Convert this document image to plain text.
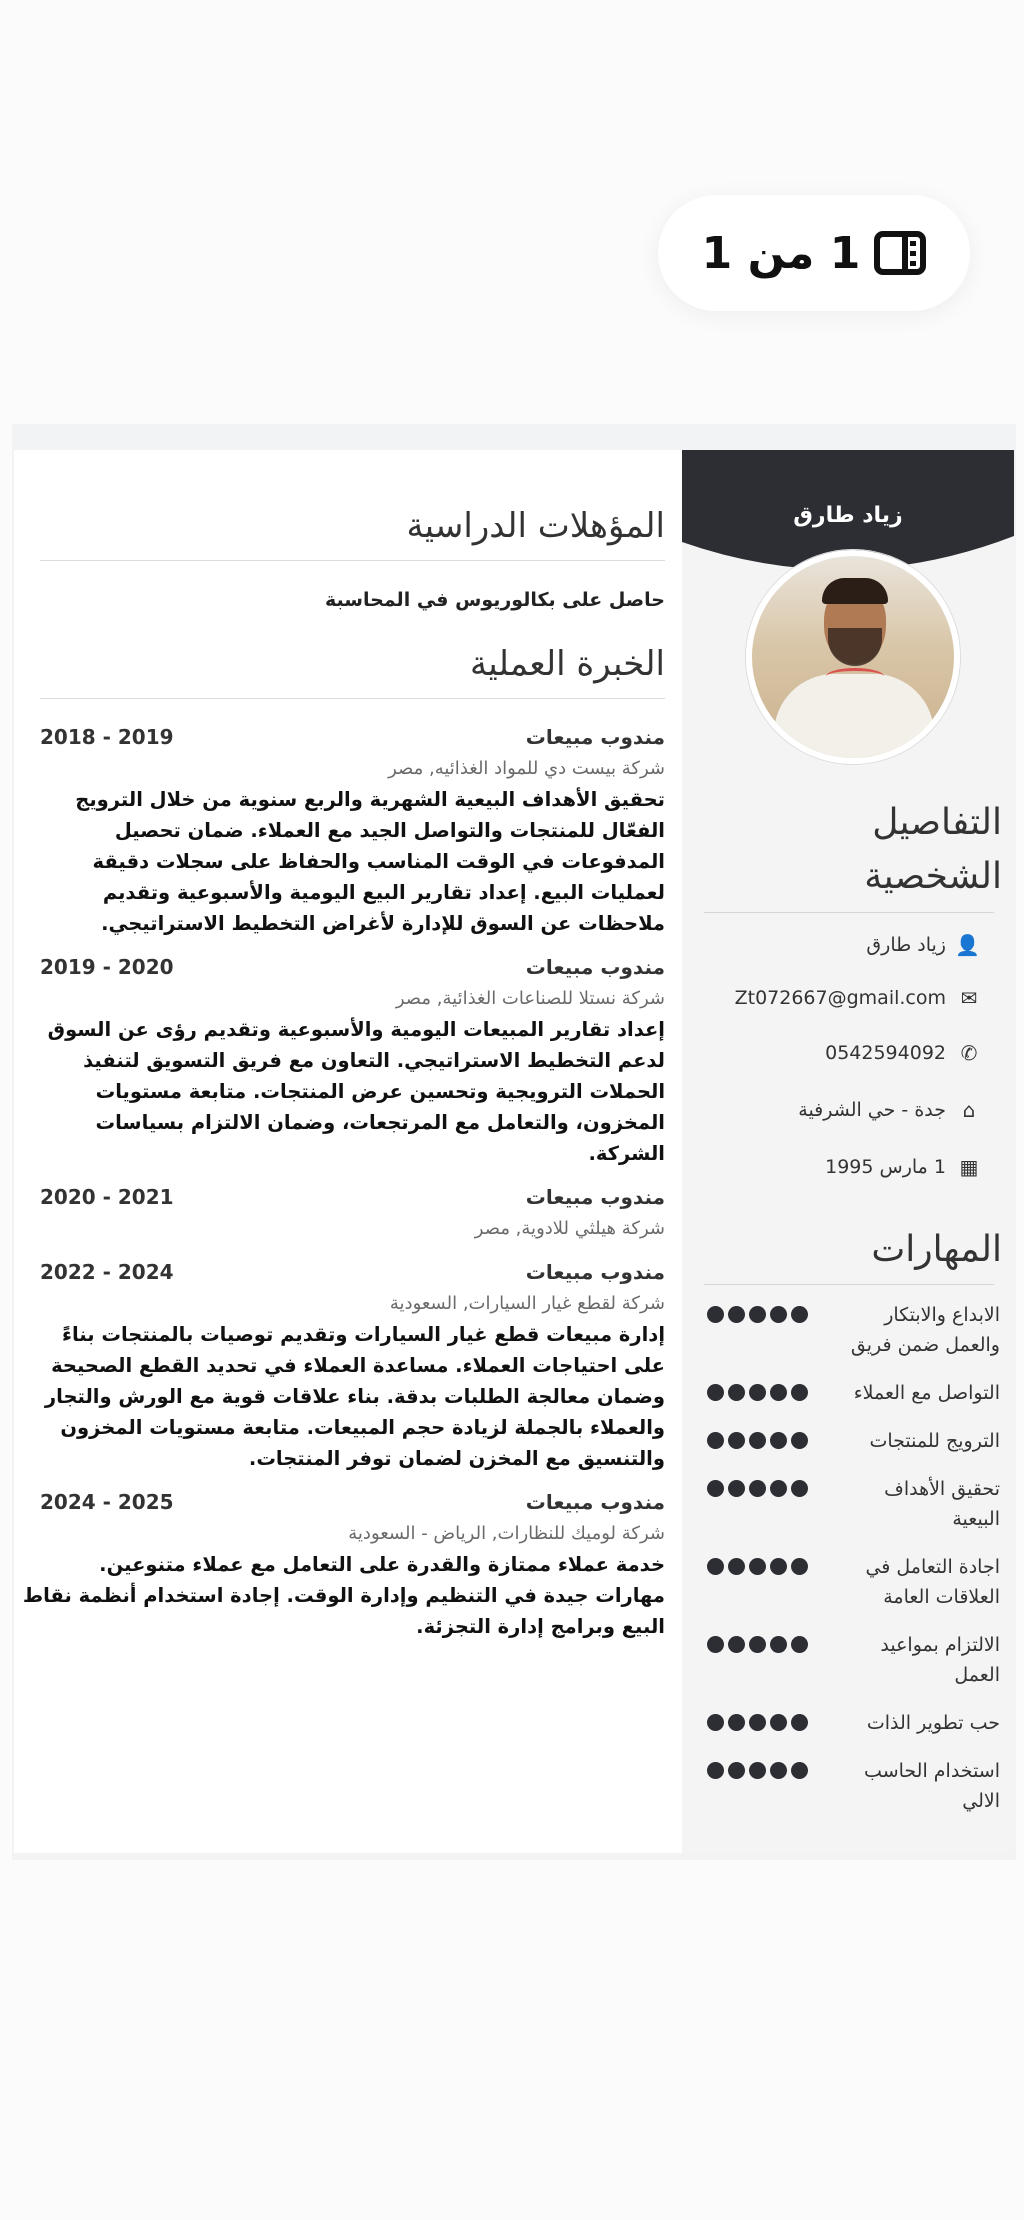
1 من 1
المؤهلات الدراسية
حاصل على بكالوريوس في المحاسبة
الخبرة العملية
مندوب مبيعات
2018 - 2019
شركة بيست دي للمواد الغذائيه, مصر
تحقيق الأهداف البيعية الشهرية والربع سنوية من خلال الترويج
الفعّال للمنتجات والتواصل الجيد مع العملاء. ضمان تحصيل
المدفوعات في الوقت المناسب والحفاظ على سجلات دقيقة
لعمليات البيع. إعداد تقارير البيع اليومية والأسبوعية وتقديم
ملاحظات عن السوق للإدارة لأغراض التخطيط الاستراتيجي.
مندوب مبيعات
2019 - 2020
شركة نستلا للصناعات الغذائية, مصر
إعداد تقارير المبيعات اليومية والأسبوعية وتقديم رؤى عن السوق
لدعم التخطيط الاستراتيجي. التعاون مع فريق التسويق لتنفيذ
الحملات الترويجية وتحسين عرض المنتجات. متابعة مستويات
المخزون، والتعامل مع المرتجعات، وضمان الالتزام بسياسات
الشركة.
مندوب مبيعات
2020 - 2021
شركة هيلثي للادوية, مصر
مندوب مبيعات
2022 - 2024
شركة لقطع غيار السيارات, السعودية
إدارة مبيعات قطع غيار السيارات وتقديم توصيات بالمنتجات بناءً
على احتياجات العملاء. مساعدة العملاء في تحديد القطع الصحيحة
وضمان معالجة الطلبات بدقة. بناء علاقات قوية مع الورش والتجار
والعملاء بالجملة لزيادة حجم المبيعات. متابعة مستويات المخزون
والتنسيق مع المخزن لضمان توفر المنتجات.
مندوب مبيعات
2024 - 2025
شركة لوميك للنظارات, الرياض - السعودية
خدمة عملاء ممتازة والقدرة على التعامل مع عملاء متنوعين.
مهارات جيدة في التنظيم وإدارة الوقت. إجادة استخدام أنظمة نقاط
البيع وبرامج إدارة التجزئة.
زياد طارق
التفاصيل
الشخصية
👤
زياد طارق
✉
Zt072667@gmail.com
✆
0542594092
⌂
جدة - حي الشرفية
▦
1 مارس 1995
المهارات
الابداع والابتكار
والعمل ضمن فريق
التواصل مع العملاء
الترويج للمنتجات
تحقيق الأهداف
البيعية
اجادة التعامل في
العلاقات العامة
الالتزام بمواعيد
العمل
حب تطوير الذات
استخدام الحاسب
الالي
